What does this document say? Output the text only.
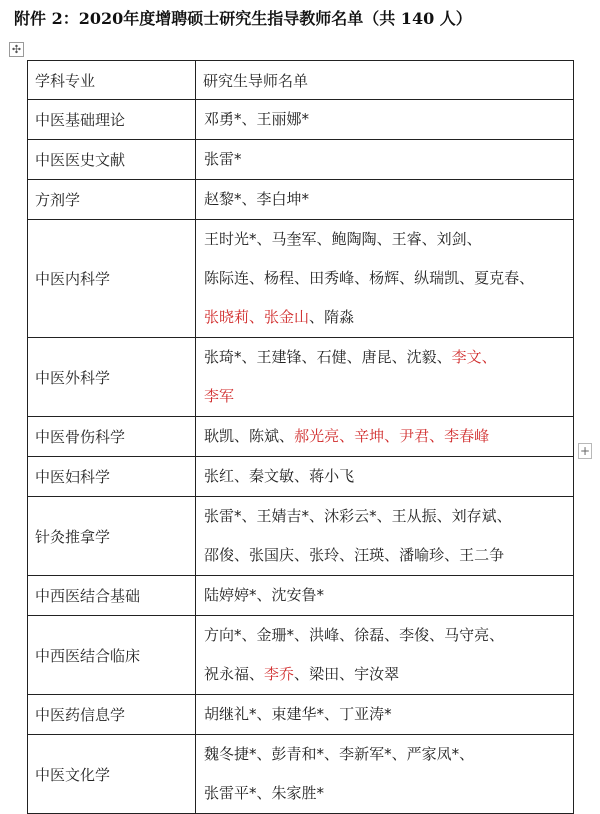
附件 2：2020年度增聘硕士研究生指导教师名单（共 140 人）
✣
+
学科专业	研究生导师名单
中医基础理论	邓勇*、王丽娜*

中医医史文献	张雷*

方剂学	赵黎*、李白坤*

中医内科学	王时光*、马奎军、鲍陶陶、王睿、刘剑、
陈际连、杨程、田秀峰、杨辉、纵瑞凯、夏克春、
张晓莉、张金山、隋淼

中医外科学	张琦*、王建锋、石健、唐昆、沈毅、李文、
李军

中医骨伤科学	耿凯、陈斌、郝光亮、辛坤、尹君、李春峰

中医妇科学	张红、秦文敏、蒋小飞

针灸推拿学	张雷*、王婧吉*、沐彩云*、王从振、刘存斌、
邵俊、张国庆、张玲、汪瑛、潘喻珍、王二争

中西医结合基础	陆婷婷*、沈安鲁*

中西医结合临床	方向*、金珊*、洪峰、徐磊、李俊、马守亮、
祝永福、李乔、梁田、宇汝翠

中医药信息学	胡继礼*、束建华*、丁亚涛*

中医文化学	魏冬捷*、彭青和*、李新军*、严家凤*、
张雷平*、朱家胜*
